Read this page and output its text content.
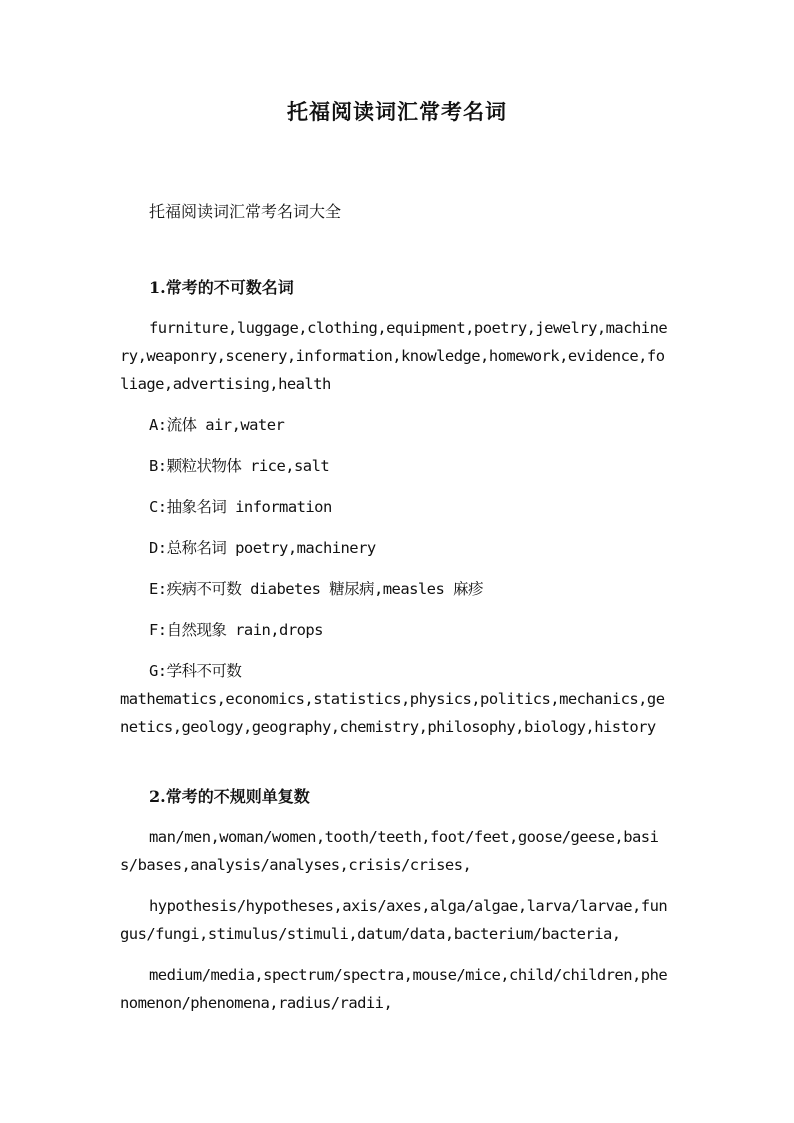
托福阅读词汇常考名词
托福阅读词汇常考名词大全
1.常考的不可数名词
furniture,luggage,clothing,equipment,poetry,jewelry,machinery,weaponry,scenery,information,knowledge,homework,evidence,foliage,advertising,health
A:流体 air,water
B:颗粒状物体 rice,salt
C:抽象名词 information
D:总称名词 poetry,machinery
E:疾病不可数 diabetes 糖尿病,measles 麻疹
F:自然现象 rain,drops
G:学科不可数
mathematics,economics,statistics,physics,politics,mechanics,genetics,geology,geography,chemistry,philosophy,biology,history
2.常考的不规则单复数
man/men,woman/women,tooth/teeth,foot/feet,goose/geese,basis/bases,analysis/analyses,crisis/crises,
hypothesis/hypotheses,axis/axes,alga/algae,larva/larvae,fungus/fungi,stimulus/stimuli,datum/data,bacterium/bacteria,
medium/media,spectrum/spectra,mouse/mice,child/children,phenomenon/phenomena,radius/radii,
